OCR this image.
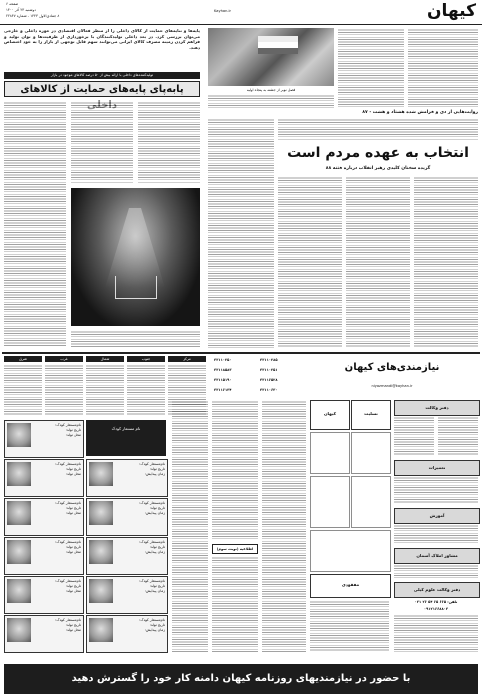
کیهان
صفحه ۶
دوشنبه ۲۳ آذر ۱۴۰۰
۸ جمادی‌الاول ۱۴۴۳ - شماره ۲۲۸۳۷
Kayhan.ir
پایه‌ها و تنایه‌های حمایت از کالای داخلی را از منظر فعالان اقتصادی در حوزه داخلی و خارجی می‌توان بررسی کرد. در بعد داخلی تولیدکنندگان با برخورداری از ظرفیت‌ها و توان تولید و فراهم کردن زمینه مصرف کالای ایرانی می‌توانند سهم قابل توجهی از بازار را به خود اختصاص دهند.
تولیدکننده‌های داخلی با ارائه بیش از ۵۰ درصد کالاهای موجود در بازار
پابه‌پای پایه‌های حمایت از کالاهای	فصل نوبر از جشنه به پنجاه اولیه
روایت‌هایی از دی و فرامش شده هشتاد و هشت - ۸۷
انتخاب به عهده مردم است
گزیده سخنان کلیدی رهبر انقلاب درباره فتنه ۸۸
نیازمندی‌های کیهان
niyazmandi@kayhan.ir
۳۳۱۱۰۲۸۵
۳۳۱۱۰۲۵۱
۳۳۱۱۶۵۲۸
۳۳۱۱۰۶۳۰
۳۳۱۱۰۲۵۰
۳۳۱۱۸۵۸۳
۳۳۱۱۵۱۹۰
۳۳۱۱۶۱۳۴
مرکز
جنوب
شمال
غرب
شرق
نام‌مستعار کودک:
تاریخ تولد:
محل تولد:
نام‌مستعار کودک:
تاریخ تولد:
محل تولد:
نام‌مستعار کودک:
تاریخ تولد:
محل تولد:
نام‌مستعار کودک:
تاریخ تولد:
محل تولد:
نام‌مستعار کودک:
تاریخ تولد:
محل تولد:
نام‌مستعار کودک:
تاریخ تولد:
محل تولد:
نام مستعار کودک
نام‌مستعار کودک:
تاریخ تولد:
زمان پیدایش:
نام‌مستعار کودک:
تاریخ تولد:
زمان پیدایش:
نام‌مستعار کودک:
تاریخ تولد:
زمان پیدایش:
نام‌مستعار کودک:
تاریخ تولد:
زمان پیدایش:
نام‌مستعار کودک:
تاریخ تولد:
زمان پیدایش:
اطلاعیه (نوبت سوم)
کیهان	تسلیت
مفقودی
دفتر وکالت
تعمیرات
آموزش
مشاور املاک آسمان
دفتر وکالت علوم کیلی
تلفن: ۶۶۵ ۶۵ ۵۴ ۲۶ ۰۲۱
۰۹۱۲۱۶۶۸۸۰۳
با حضور در نیازمندیهای روزنامه کیهان دامنه کار خود را گسترش دهید
